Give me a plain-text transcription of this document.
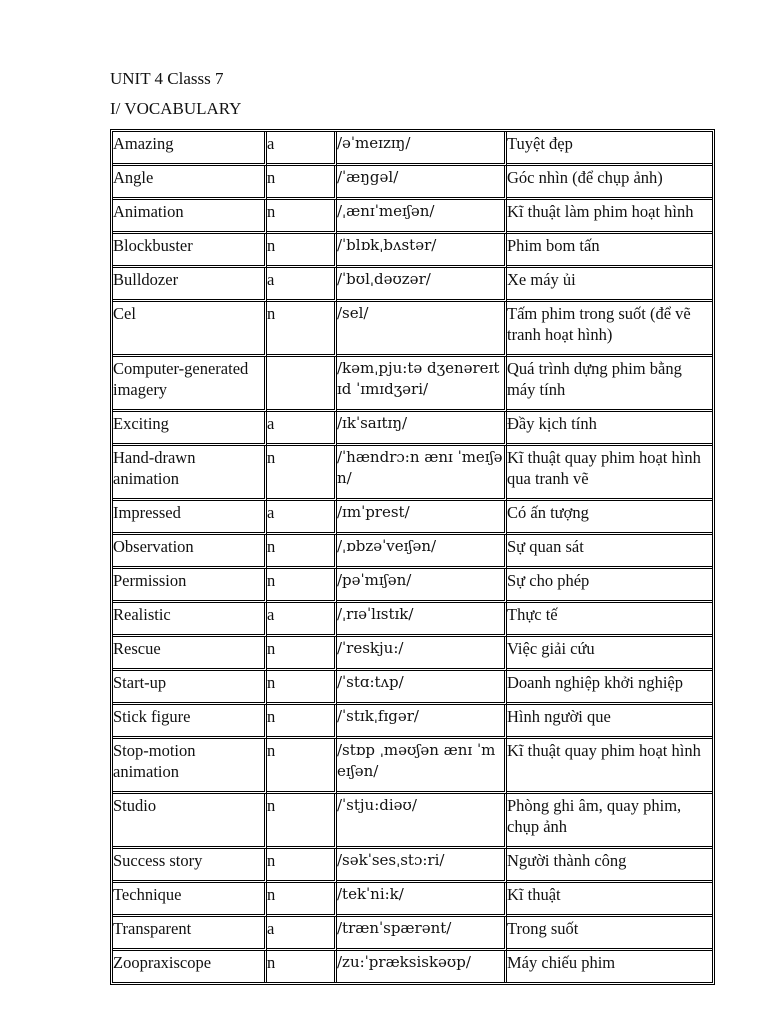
UNIT 4 Classs 7
I/ VOCABULARY
Amazing	a	/əˈmeɪzɪŋ/	Tuyệt đẹp
Angle	n	/ˈæŋgəl/	Góc nhìn (để chụp ảnh)
Animation	n	/ˌænɪˈmeɪʃən/	Kĩ thuật làm phim hoạt hình
Blockbuster	n	/ˈblɒkˌbʌstər/	Phim bom tấn
Bulldozer	a	/ˈbʊlˌdəʊzər/	Xe máy ủi
Cel	n	/sel/	Tấm phim trong suốt (để vẽ tranh hoạt hình)
Computer-generated imagery		/kəmˌpju:tə dʒenəreɪtɪd ˈɪmɪdʒəri/	Quá trình dựng phim bằng máy tính
Exciting	a	/ɪkˈsaɪtɪŋ/	Đầy kịch tính
Hand-drawn animation	n	/ˈhændrɔ:n ænɪ ˈmeɪʃən/	Kĩ thuật quay phim hoạt hình qua tranh vẽ
Impressed	a	/ɪmˈprest/	Có ấn tượng
Observation	n	/ˌɒbzəˈveɪʃən/	Sự quan sát
Permission	n	/pəˈmɪʃən/	Sự cho phép
Realistic	a	/ˌrɪəˈlɪstɪk/	Thực tế
Rescue	n	/ˈreskju:/	Việc giải cứu
Start-up	n	/ˈstɑ:tʌp/	Doanh nghiệp khởi nghiệp
Stick figure	n	/ˈstɪkˌfɪgər/	Hình người que
Stop-motion animation	n	/stɒp ˌməʊʃən ænɪ ˈmeɪʃən/	Kĩ thuật quay phim hoạt hình
Studio	n	/ˈstju:diəʊ/	Phòng ghi âm, quay phim, chụp ảnh
Success story	n	/səkˈsesˌstɔ:ri/	Người thành công
Technique	n	/tekˈni:k/	Kĩ thuật
Transparent	a	/trænˈspærənt/	Trong suốt
Zoopraxiscope	n	/zu:ˈpræksiskəʊp/	Máy chiếu phim
